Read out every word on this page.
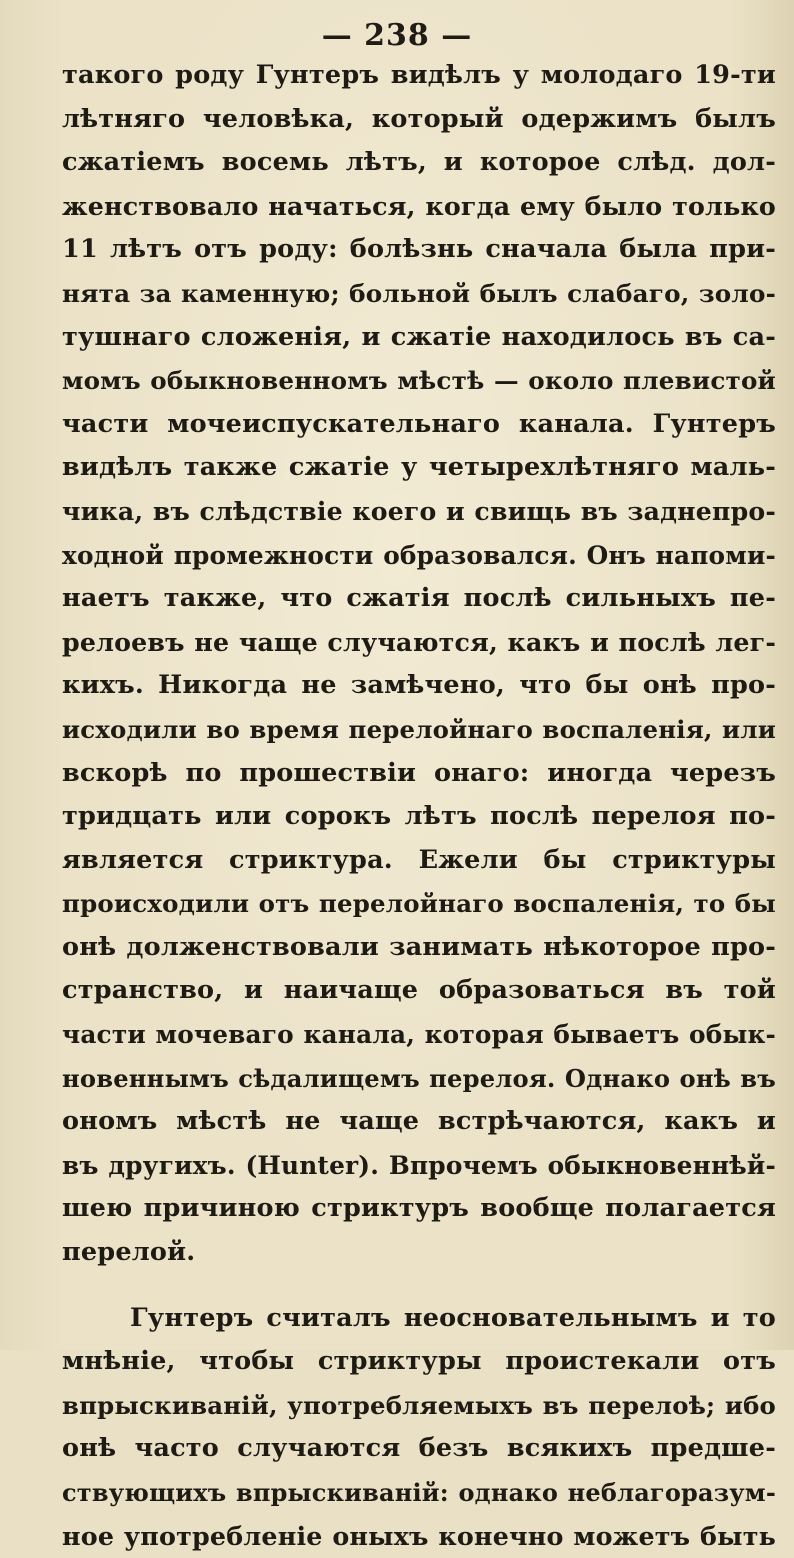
— 238 —
такого роду Гунтеръ видѣлъ у молодаго 19-ти
лѣтняго человѣка, который одержимъ былъ
сжатіемъ восемь лѣтъ, и которое слѣд. дол-
женствовало начаться, когда ему было только
11 лѣтъ отъ роду: болѣзнь сначала была при-
нята за каменную; больной былъ слабаго, золо-
тушнаго сложенія, и сжатіе находилось въ са-
момъ обыкновенномъ мѣстѣ — около плевистой
части мочеиспускательнаго канала. Гунтеръ
видѣлъ также сжатіе у четырехлѣтняго маль-
чика, въ слѣдствіе коего и свищь въ заднепро-
ходной промежности образовался. Онъ напоми-
наетъ также, что сжатія послѣ сильныхъ пе-
релоевъ не чаще случаются, какъ и послѣ лег-
кихъ. Никогда не замѣчено, что бы онѣ про-
исходили во время перелойнаго воспаленія, или
вскорѣ по прошествіи онаго: иногда черезъ
тридцать или сорокъ лѣтъ послѣ перелоя по-
является стриктура. Ежели бы стриктуры
происходили отъ перелойнаго воспаленія, то бы
онѣ долженствовали занимать нѣкоторое про-
странство, и наичаще образоваться въ той
части мочеваго канала, которая бываетъ обык-
новеннымъ сѣдалищемъ перелоя. Однако онѣ въ
ономъ мѣстѣ не чаще встрѣчаются, какъ и
въ другихъ. (Hunter). Впрочемъ обыкновеннѣй-
шею причиною стриктуръ вообще полагается
перелой.
Гунтеръ считалъ неосновательнымъ и то
мнѣніе, чтобы стриктуры проистекали отъ
впрыскиваній, употребляемыхъ въ перелоѣ; ибо
онѣ часто случаются безъ всякихъ предше-
ствующихъ впрыскиваній: однако неблагоразум-
ное употребленіе оныхъ конечно можетъ быть
